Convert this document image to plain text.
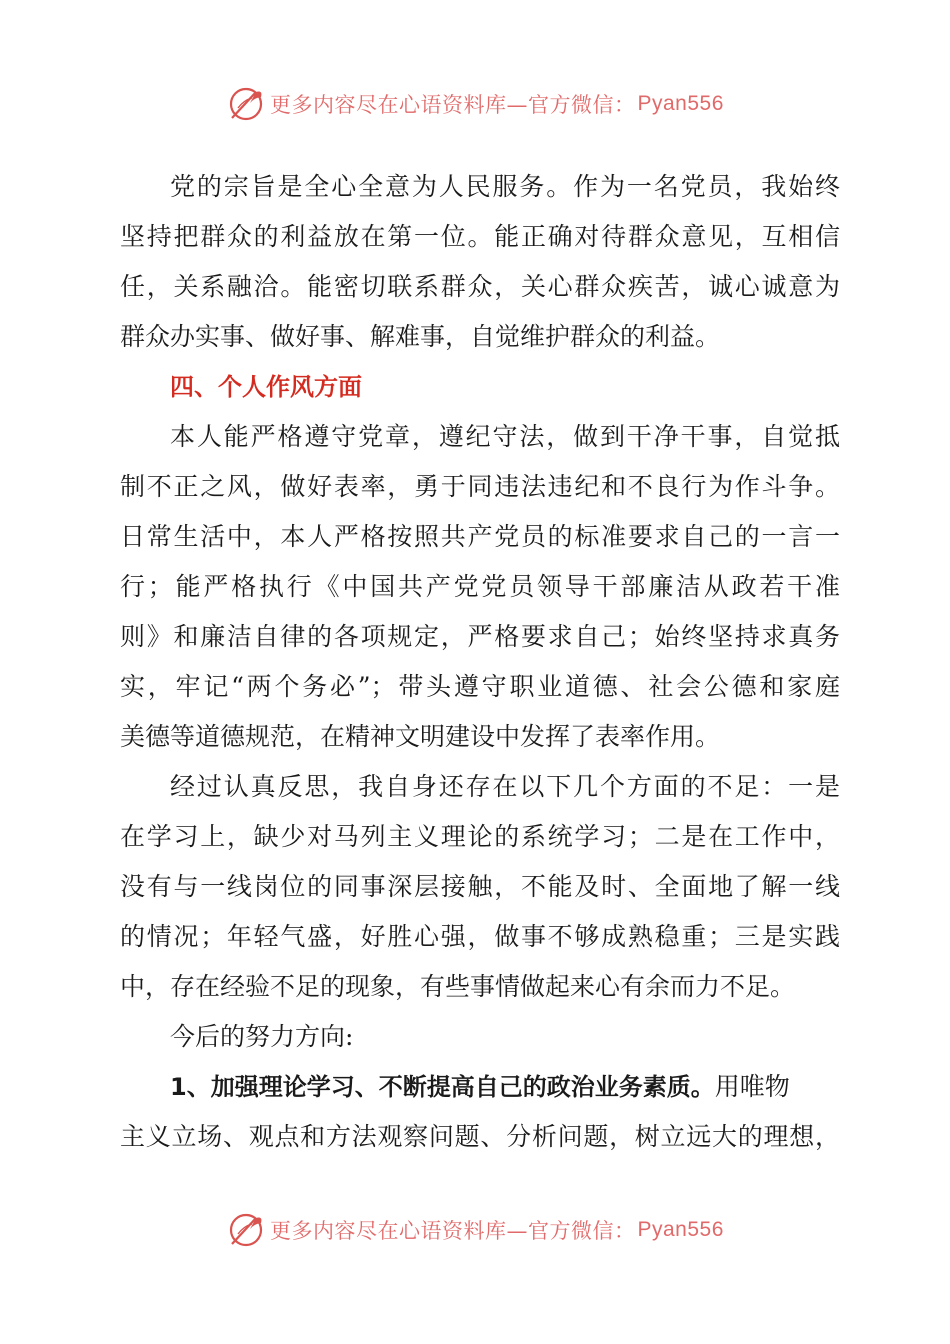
更多内容尽在心语资料库—官方微信： Pyan556
党的宗旨是全心全意为人民服务。作为一名党员，我始终
坚持把群众的利益放在第一位。能正确对待群众意见，互相信
任，关系融洽。能密切联系群众，关心群众疾苦，诚心诚意为
群众办实事、做好事、解难事，自觉维护群众的利益。
四、个人作风方面
本人能严格遵守党章，遵纪守法，做到干净干事，自觉抵
制不正之风，做好表率，勇于同违法违纪和不良行为作斗争。
日常生活中，本人严格按照共产党员的标准要求自己的一言一
行；能严格执行《中国共产党党员领导干部廉洁从政若干准
则》和廉洁自律的各项规定，严格要求自己；始终坚持求真务
实，牢记“两个务必”；带头遵守职业道德、社会公德和家庭
美德等道德规范，在精神文明建设中发挥了表率作用。
经过认真反思，我自身还存在以下几个方面的不足：一是
在学习上，缺少对马列主义理论的系统学习；二是在工作中，
没有与一线岗位的同事深层接触，不能及时、全面地了解一线
的情况；年轻气盛，好胜心强，做事不够成熟稳重；三是实践
中，存在经验不足的现象，有些事情做起来心有余而力不足。
今后的努力方向:
1、加强理论学习、不断提高自己的政治业务素质。用唯物
主义立场、观点和方法观察问题、分析问题，树立远大的理想，
更多内容尽在心语资料库—官方微信： Pyan556
